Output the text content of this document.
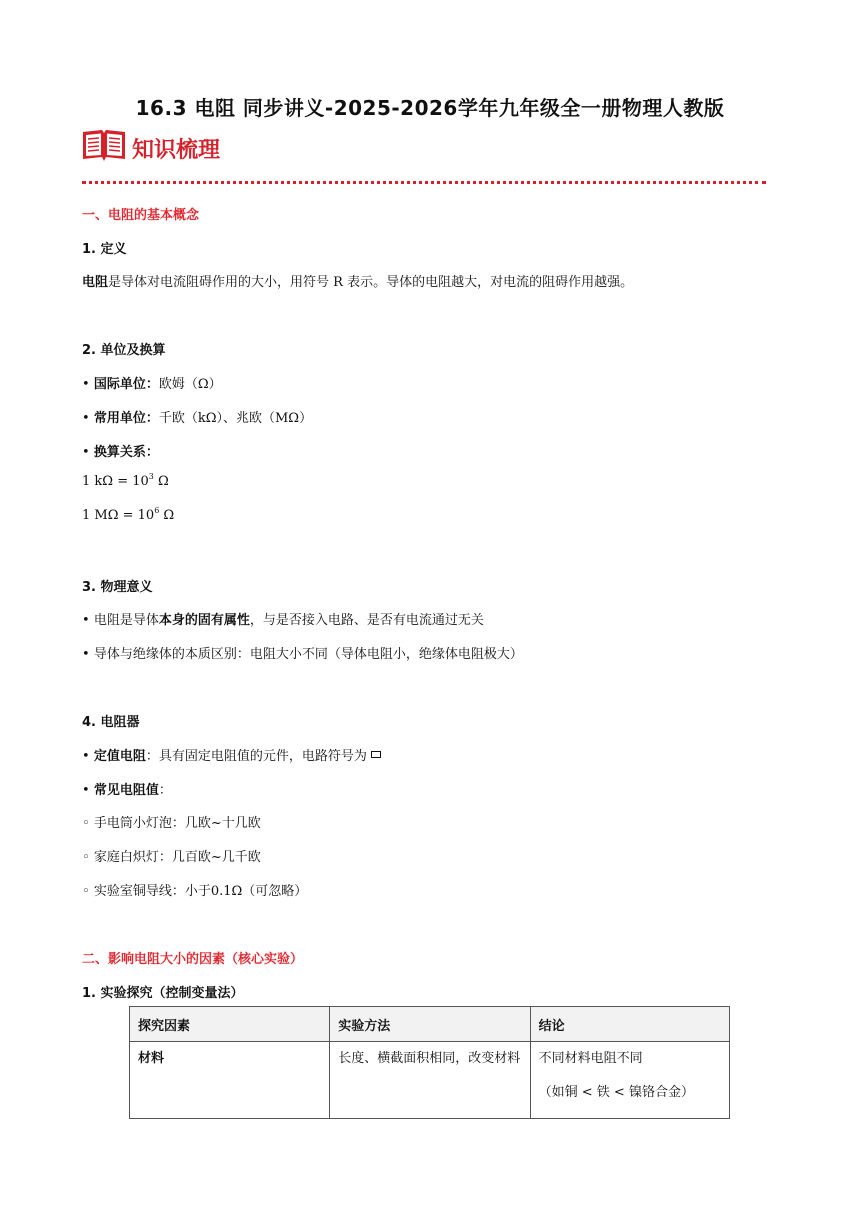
16.3 电阻 同步讲义-2025-2026学年九年级全一册物理人教版
知识梳理
一、电阻的基本概念
1. 定义
电阻是导体对电流阻碍作用的大小，用符号 R 表示。导体的电阻越大，对电流的阻碍作用越强。
2. 单位及换算
• 国际单位：欧姆（Ω）
• 常用单位：千欧（kΩ）、兆欧（MΩ）
• 换算关系：
1 $k\Omega = 10^3$ Ω
1 $M\Omega = 10^6$ Ω
3. 物理意义
• 电阻是导体本身的固有属性，与是否接入电路、是否有电流通过无关
• 导体与绝缘体的本质区别：电阻大小不同（导体电阻小，绝缘体电阻极大）
4. 电阻器
• 定值电阻：具有固定电阻值的元件，电路符号为
• 常见电阻值：
◦ 手电筒小灯泡：几欧~十几欧
◦ 家庭白炽灯：几百欧~几千欧
◦ 实验室铜导线：小于0.1Ω（可忽略）
二、影响电阻大小的因素（核心实验）
1. 实验探究（控制变量法）
探究因素	实验方法	结论

材料	长度、横截面积相同，改变材料	不同材料电阻不同
（如铜 < 铁 < 镍铬合金）
